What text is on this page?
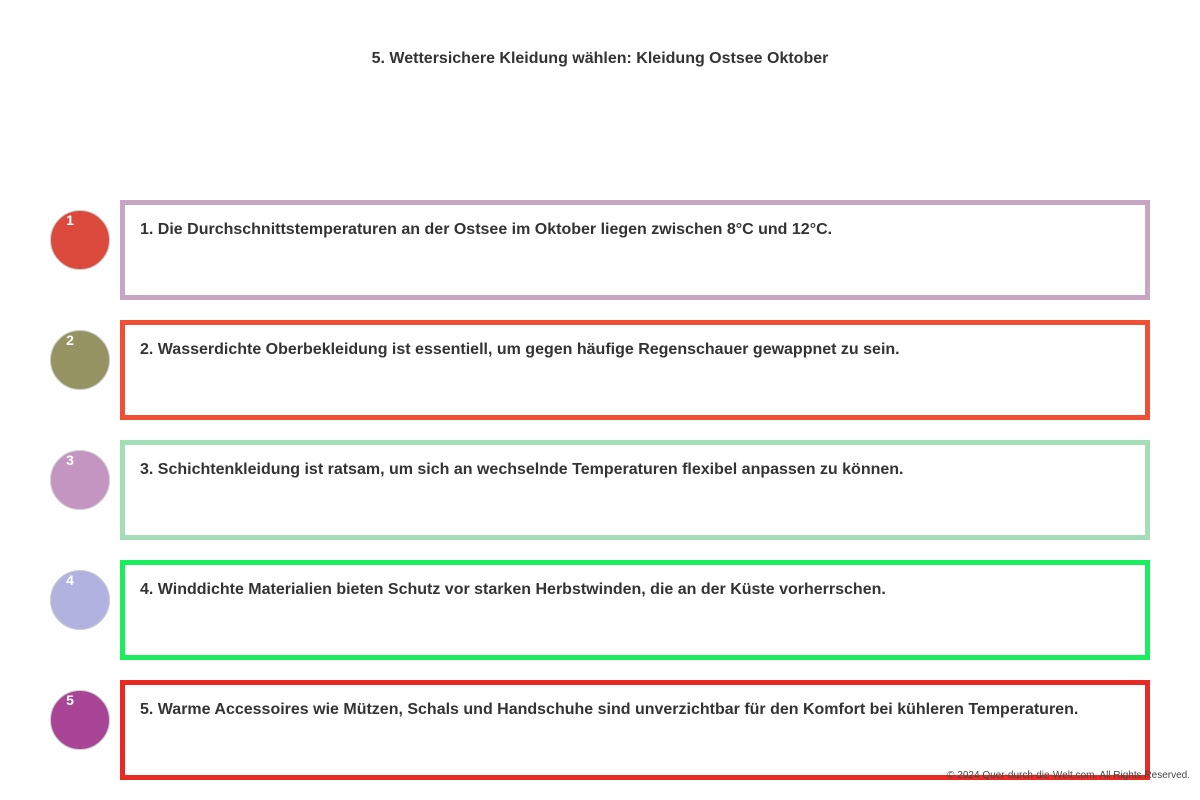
5. Wettersichere Kleidung wählen: Kleidung Ostsee Oktober
1
1. Die Durchschnittstemperaturen an der Ostsee im Oktober liegen zwischen 8°C und 12°C.
2
2. Wasserdichte Oberbekleidung ist essentiell, um gegen häufige Regenschauer gewappnet zu sein.
3
3. Schichtenkleidung ist ratsam, um sich an wechselnde Temperaturen flexibel anpassen zu können.
4
4. Winddichte Materialien bieten Schutz vor starken Herbstwinden, die an der Küste vorherrschen.
5
5. Warme Accessoires wie Mützen, Schals und Handschuhe sind unverzichtbar für den Komfort bei kühleren Temperaturen.
© 2024 Quer-durch-die-Welt.com. All Rights Reserved.
